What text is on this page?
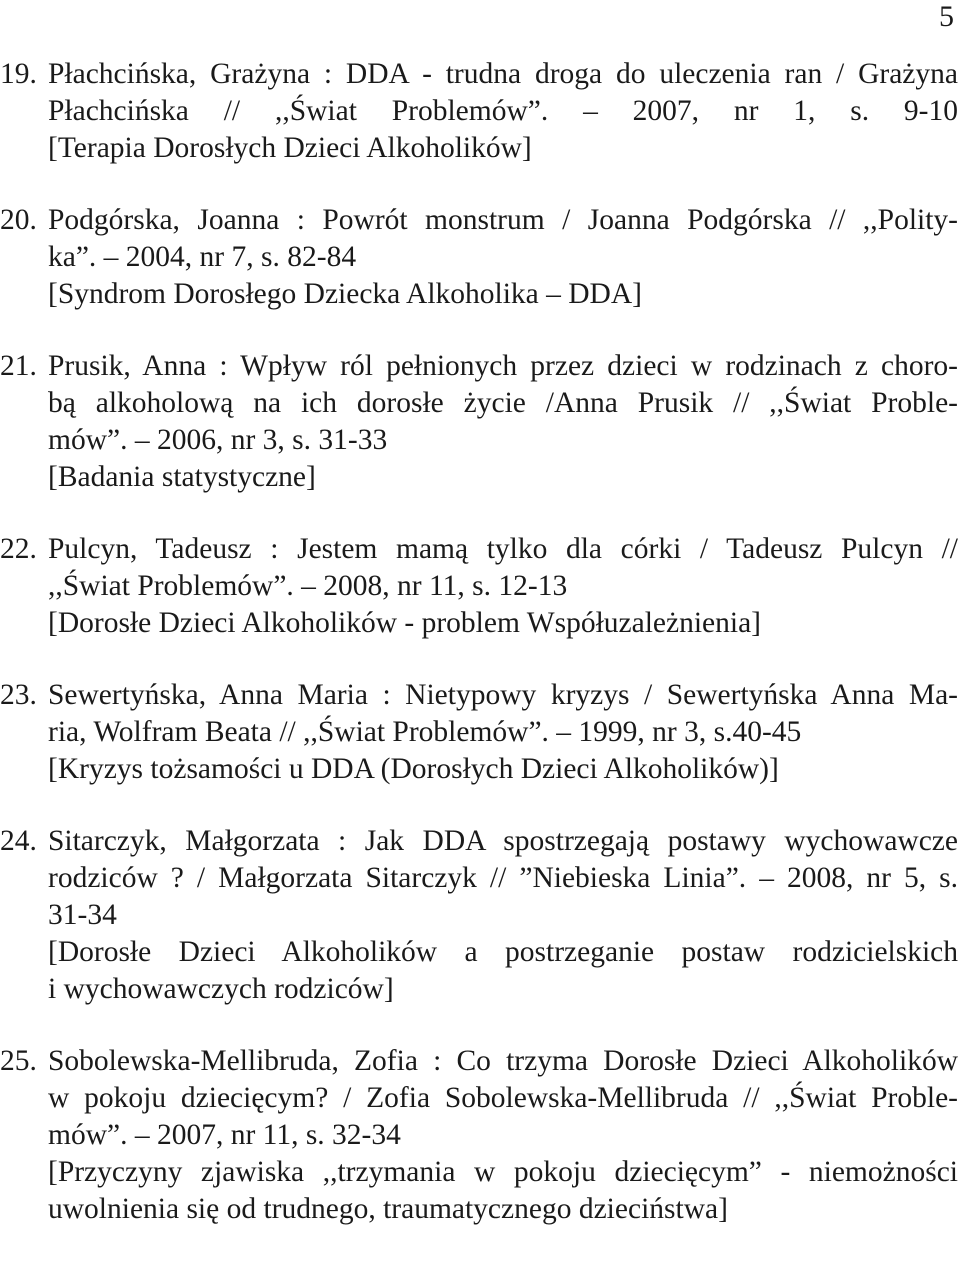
5
19. Płachcińska, Grażyna : DDA - trudna droga do uleczenia ran / Grażyna
Płachcińska // ,,Świat Problemów”. – 2007, nr 1, s. 9-10
[Terapia Dorosłych Dzieci Alkoholików]
20. Podgórska, Joanna : Powrót monstrum / Joanna Podgórska // ,,Polity-
ka”. – 2004, nr 7, s. 82-84
[Syndrom Dorosłego Dziecka Alkoholika – DDA]
21. Prusik, Anna : Wpływ ról pełnionych przez dzieci w rodzinach z choro-
bą alkoholową na ich dorosłe życie /Anna Prusik // ,,Świat Proble-
mów”. – 2006, nr 3, s. 31-33
[Badania statystyczne]
22. Pulcyn, Tadeusz : Jestem mamą tylko dla córki / Tadeusz Pulcyn //
,,Świat Problemów”. – 2008, nr 11, s. 12-13
[Dorosłe Dzieci Alkoholików - problem Współuzależnienia]
23. Sewertyńska, Anna Maria : Nietypowy kryzys / Sewertyńska Anna Ma-
ria, Wolfram Beata // ,,Świat Problemów”. – 1999, nr 3, s.40-45
[Kryzys tożsamości u DDA (Dorosłych Dzieci Alkoholików)]
24. Sitarczyk, Małgorzata : Jak DDA spostrzegają postawy wychowawcze
rodziców ? / Małgorzata Sitarczyk // ”Niebieska Linia”. – 2008, nr 5, s.
31-34
[Dorosłe Dzieci Alkoholików a postrzeganie postaw rodzicielskich
i wychowawczych rodziców]
25. Sobolewska-Mellibruda, Zofia : Co trzyma Dorosłe Dzieci Alkoholików
w pokoju dziecięcym? / Zofia Sobolewska-Mellibruda // ,,Świat Proble-
mów”. – 2007, nr 11, s. 32-34
[Przyczyny zjawiska ,,trzymania w pokoju dziecięcym” - niemożności
uwolnienia się od trudnego, traumatycznego dzieciństwa]
